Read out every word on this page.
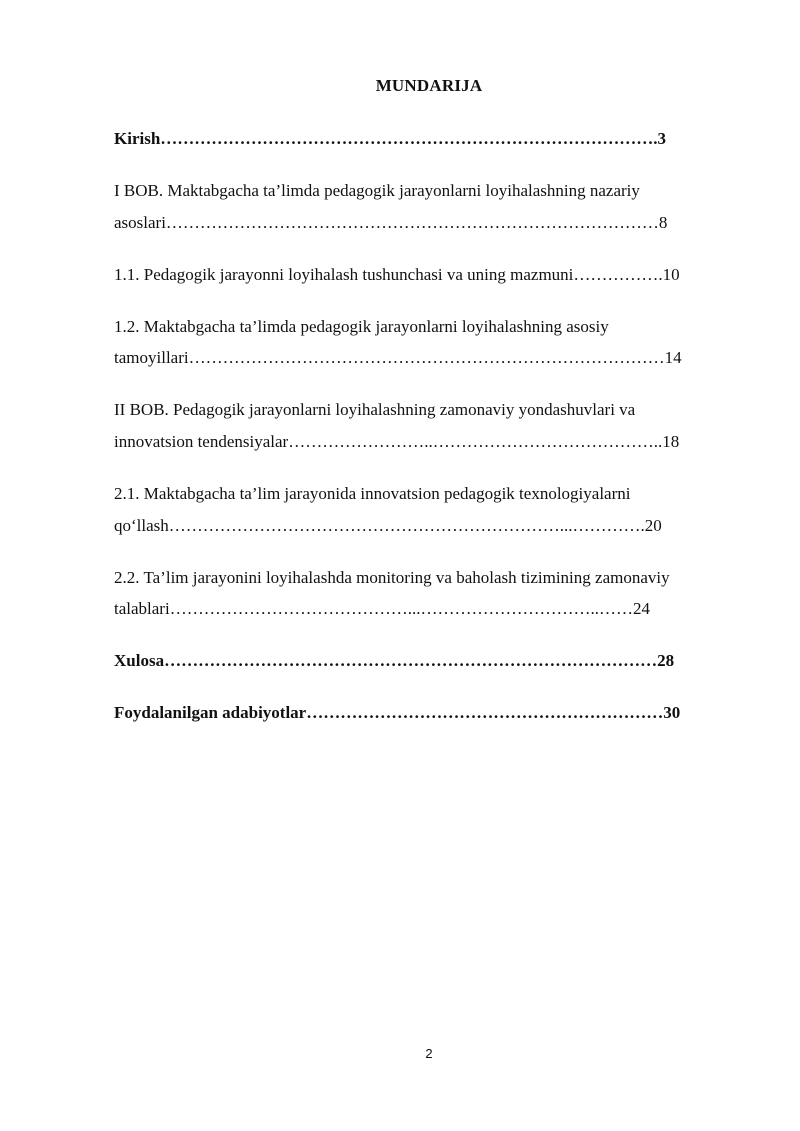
MUNDARIJA
Kirish…………………………………………………………………………….3
I BOB. Maktabgacha ta’limda pedagogik jarayonlarni loyihalashning nazariy
asoslari……………………………………………………………………………8
1.1. Pedagogik jarayonni loyihalash tushunchasi va uning mazmuni…………….10
1.2. Maktabgacha ta’limda pedagogik jarayonlarni loyihalashning asosiy
tamoyillari…………………………………………………………………………14
II BOB. Pedagogik jarayonlarni loyihalashning zamonaviy yondashuvlari va
innovatsion tendensiyalar……………………..…………………………………..18
2.1. Maktabgacha ta’lim jarayonida innovatsion pedagogik texnologiyalarni
qo‘llash……………………………………………………………...………….20
2.2. Ta’lim jarayonini loyihalashda monitoring va baholash tizimining zamonaviy
talablari……………………………………...…………………………..……24
Xulosa……………………………………………………………………………28
Foydalanilgan adabiyotlar………………………………………………………30
2
